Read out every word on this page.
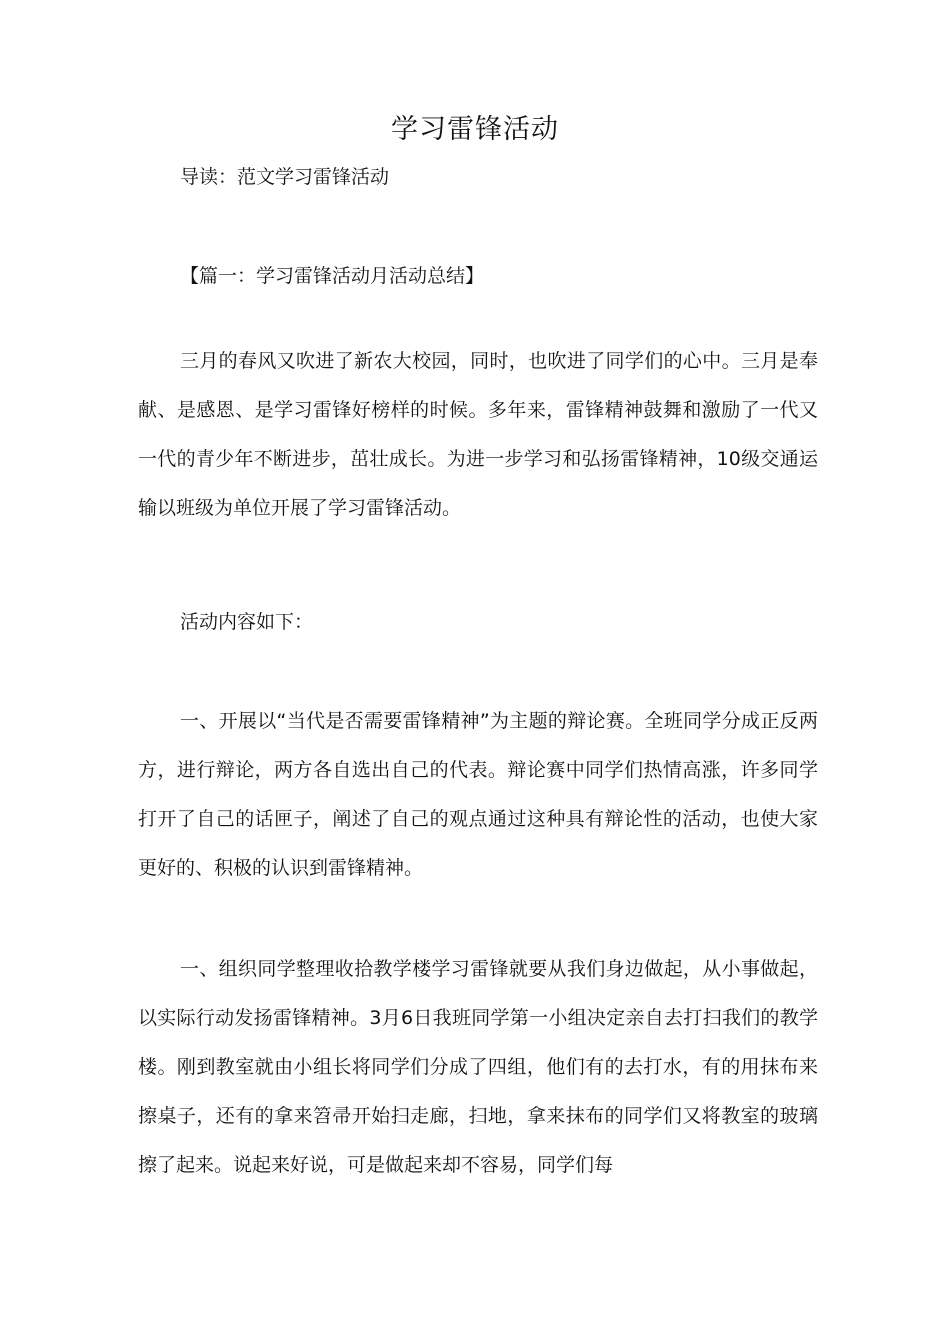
学习雷锋活动
导读：范文学习雷锋活动
【篇一：学习雷锋活动月活动总结】

三月的春风又吹进了新农大校园，同时，也吹进了同学们的心中。三月是奉献、是感恩、是学习雷锋好榜样的时候。多年来，雷锋精神鼓舞和激励了一代又一代的青少年不断进步，茁壮成长。为进一步学习和弘扬雷锋精神，10级交通运输以班级为单位开展了学习雷锋活动。

活动内容如下：

一、开展以“当代是否需要雷锋精神”为主题的辩论赛。全班同学分成正反两方，进行辩论，两方各自选出自己的代表。辩论赛中同学们热情高涨，许多同学打开了自己的话匣子，阐述了自己的观点通过这种具有辩论性的活动，也使大家更好的、积极的认识到雷锋精神。

一、组织同学整理收拾教学楼学习雷锋就要从我们身边做起，从小事做起，以实际行动发扬雷锋精神。3月6日我班同学第一小组决定亲自去打扫我们的教学楼。刚到教室就由小组长将同学们分成了四组，他们有的去打水，有的用抹布来擦桌子，还有的拿来笤帚开始扫走廊，扫地，拿来抹布的同学们又将教室的玻璃擦了起来。说起来好说，可是做起来却不容易，同学们每
